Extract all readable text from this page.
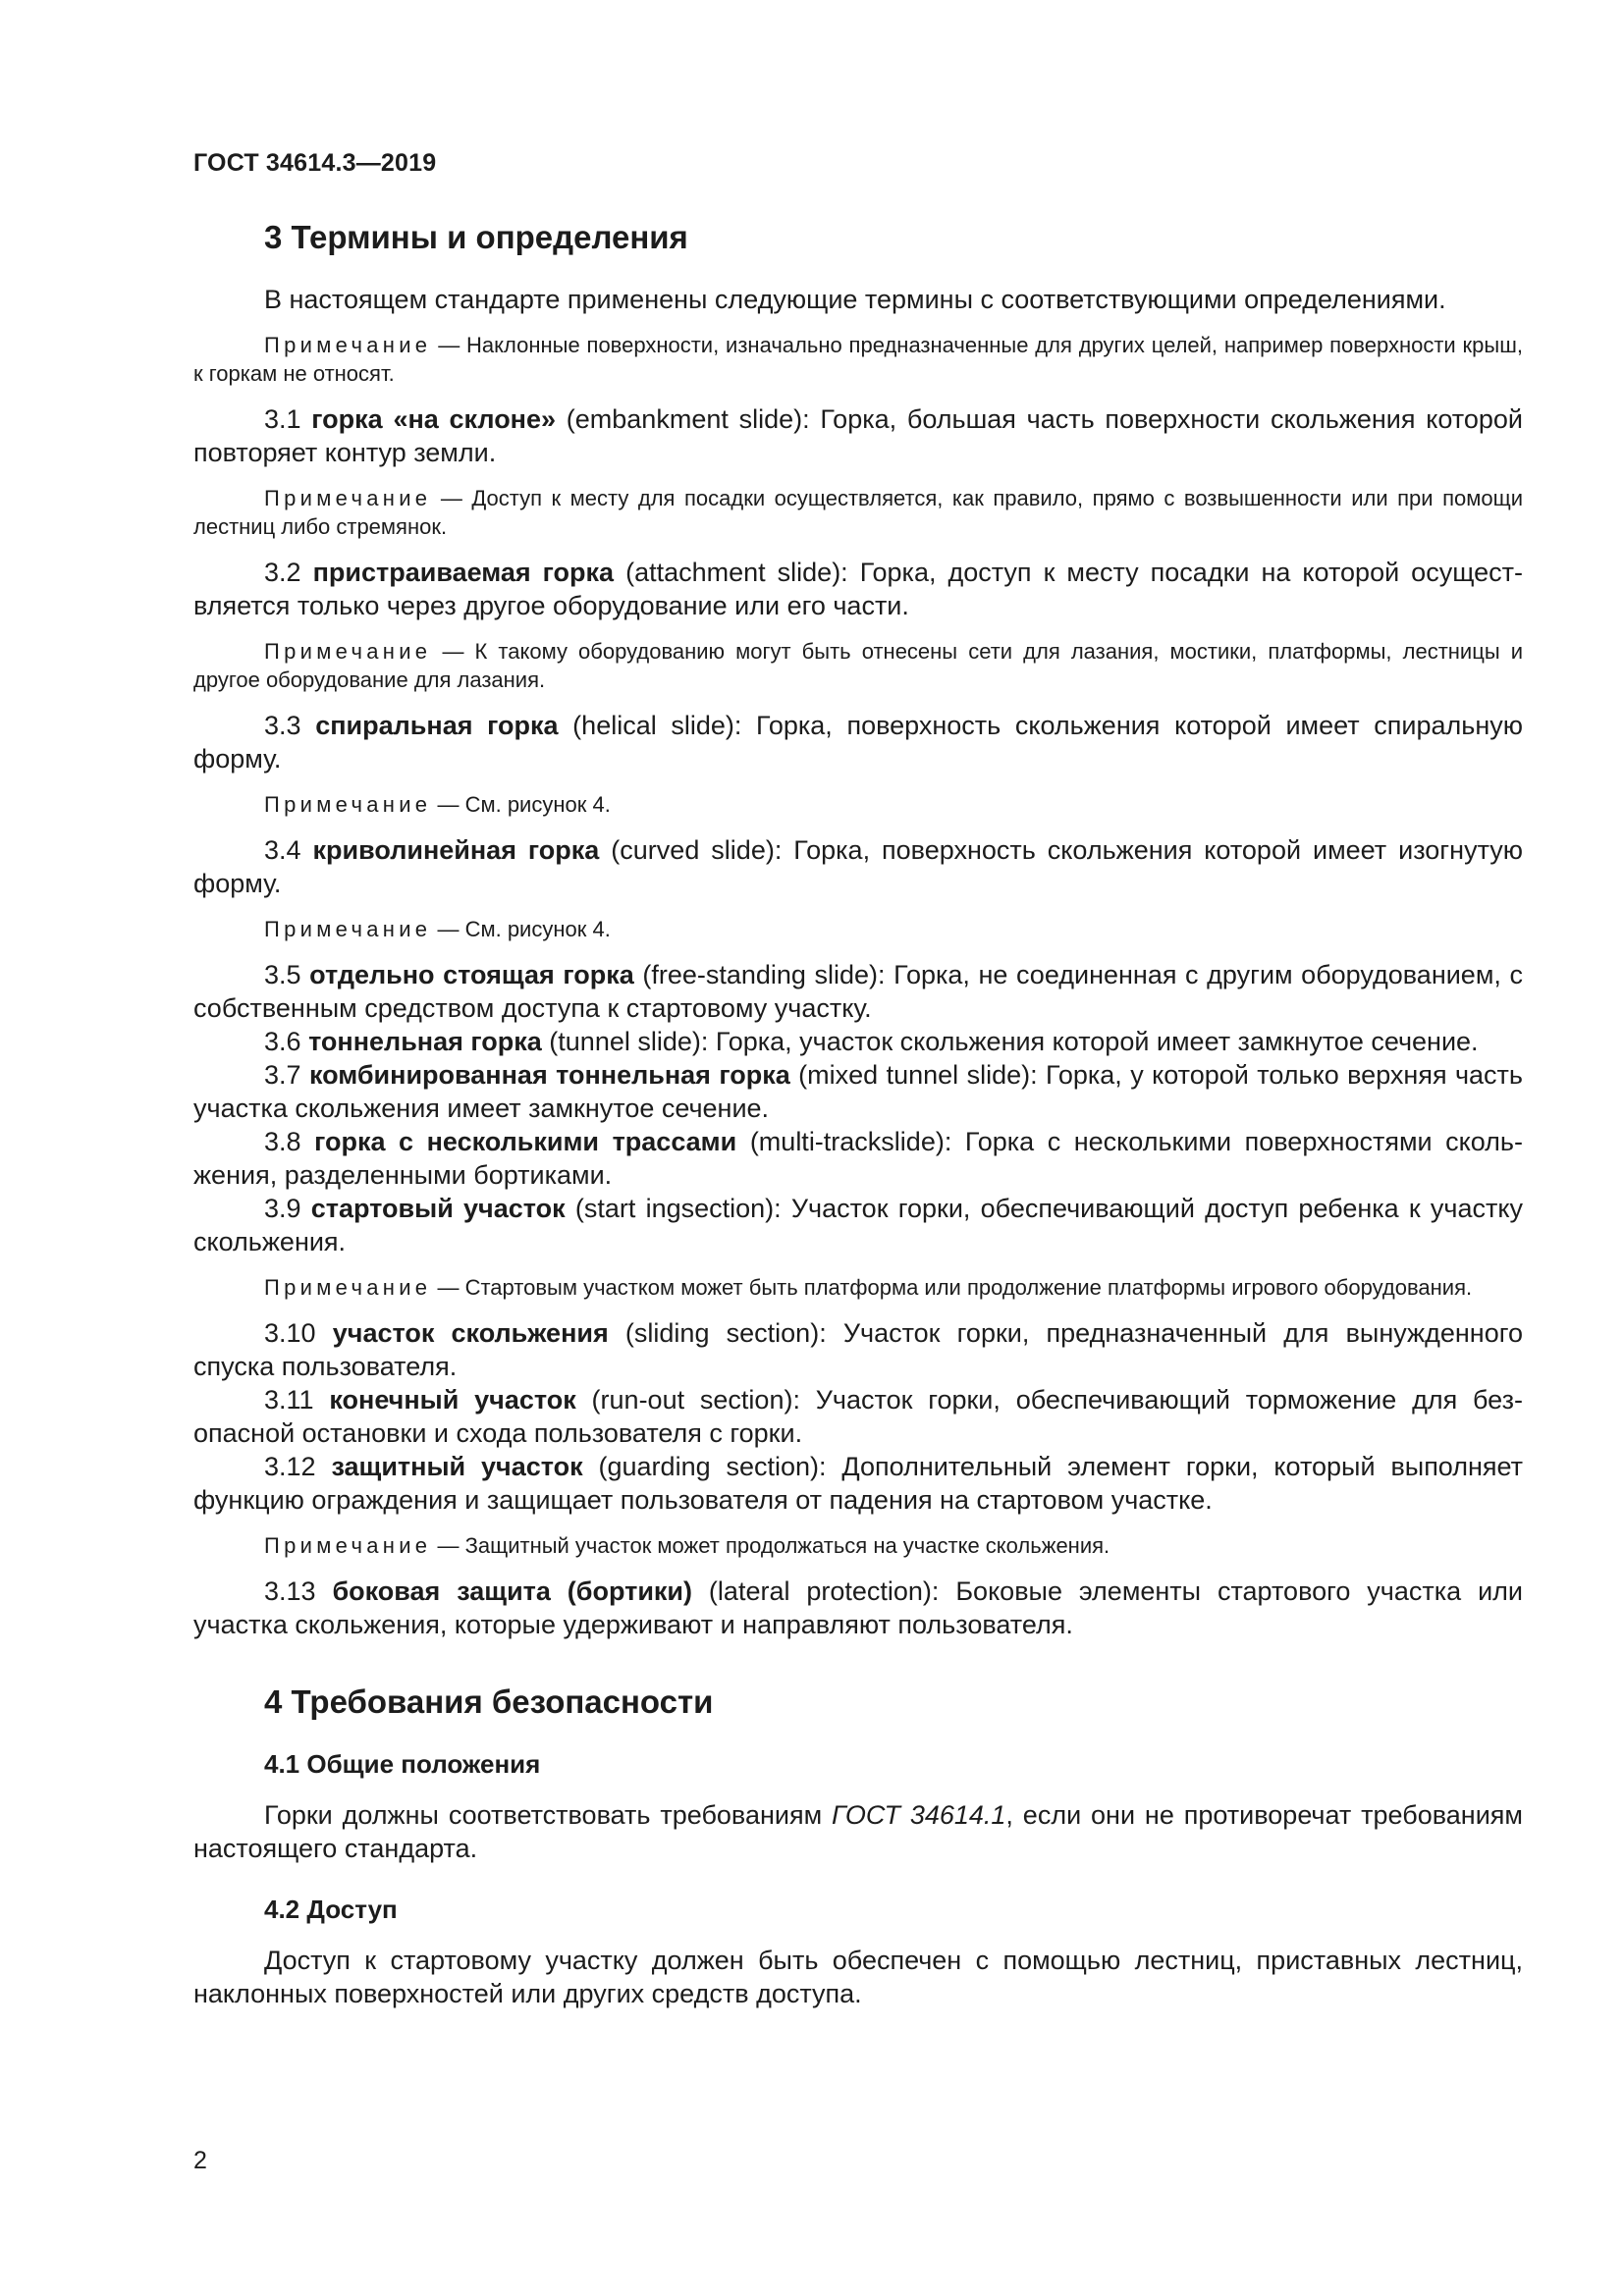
ГОСТ 34614.3—2019
3 Термины и определения

В настоящем стандарте применены следующие термины с соответствующими определениями.

Примечание — Наклонные поверхности, изначально предназначенные для других целей, например поверхности крыш, к горкам не относят.

3.1 горка «на склоне» (embankment slide): Горка, большая часть поверхности скольжения которой повторяет контур земли.

Примечание — Доступ к месту для посадки осуществляется, как правило, прямо с возвышенности или при помощи лестниц либо стремянок.

3.2 пристраиваемая горка (attachment slide): Горка, доступ к месту посадки на которой осуществляется только через другое оборудование или его части.

Примечание — К такому оборудованию могут быть отнесены сети для лазания, мостики, платформы, лестницы и другое оборудование для лазания.

3.3 спиральная горка (helical slide): Горка, поверхность скольжения которой имеет спиральную форму.

Примечание — См. рисунок 4.

3.4 криволинейная горка (curved slide): Горка, поверхность скольжения которой имеет изогнутую форму.

Примечание — См. рисунок 4.

3.5 отдельно стоящая горка (free-standing slide): Горка, не соединенная с другим оборудованием, с собственным средством доступа к стартовому участку.

3.6 тоннельная горка (tunnel slide): Горка, участок скольжения которой имеет замкнутое сечение.

3.7 комбинированная тоннельная горка (mixed tunnel slide): Горка, у которой только верхняя часть участка скольжения имеет замкнутое сечение.

3.8 горка с несколькими трассами (multi-trackslide): Горка с несколькими поверхностями скольжения, разделенными бортиками.

3.9 стартовый участок (start ingsection): Участок горки, обеспечивающий доступ ребенка к участку скольжения.

Примечание — Стартовым участком может быть платформа или продолжение платформы игрового оборудования.

3.10 участок скольжения (sliding section): Участок горки, предназначенный для вынужденного спуска пользователя.

3.11 конечный участок (run-out section): Участок горки, обеспечивающий торможение для безопасной остановки и схода пользователя с горки.

3.12 защитный участок (guarding section): Дополнительный элемент горки, который выполняет функцию ограждения и защищает пользователя от падения на стартовом участке.

Примечание — Защитный участок может продолжаться на участке скольжения.

3.13 боковая защита (бортики) (lateral protection): Боковые элементы стартового участка или участка скольжения, которые удерживают и направляют пользователя.

4 Требования безопасности
4.1 Общие положения

Горки должны соответствовать требованиям ГОСТ 34614.1, если они не противоречат требованиям настоящего стандарта.

4.2 Доступ

Доступ к стартовому участку должен быть обеспечен с помощью лестниц, приставных лестниц, наклонных поверхностей или других средств доступа.

2
